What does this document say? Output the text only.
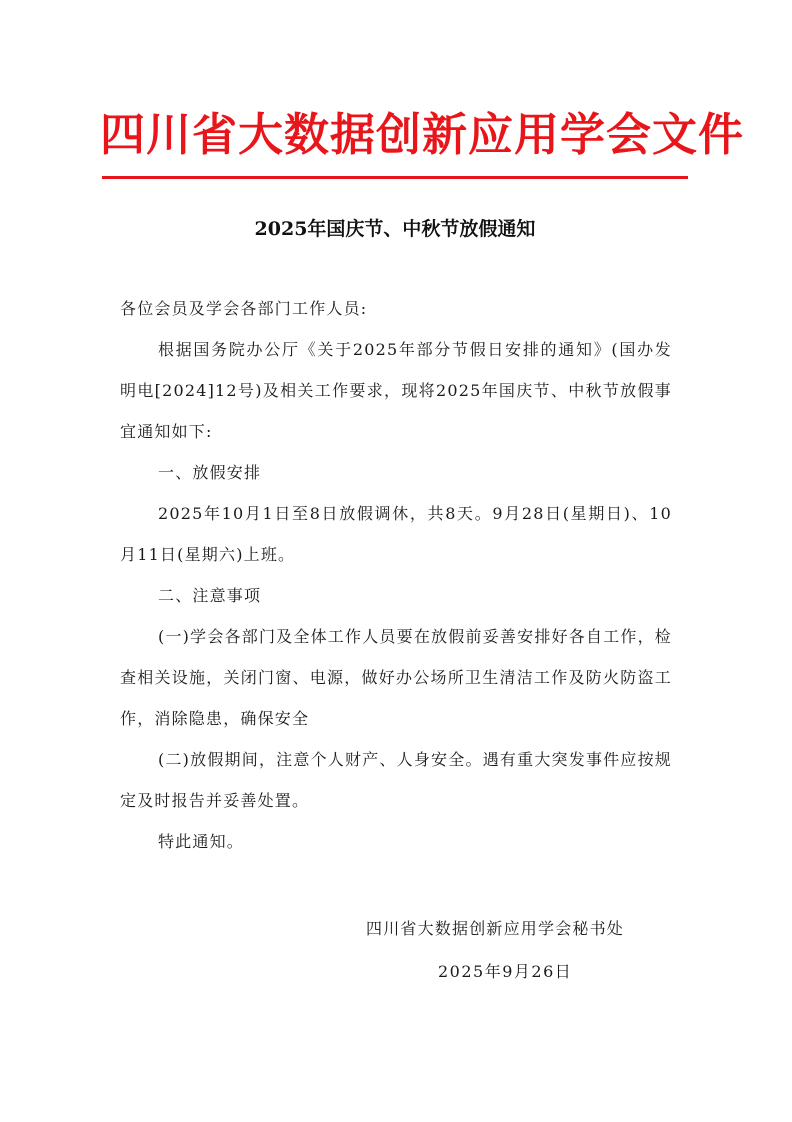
四川省大数据创新应用学会文件
2025年国庆节、中秋节放假通知

各位会员及学会各部门工作人员:

根据国务院办公厅《关于2025年部分节假日安排的通知》(国办发明电[2024]12号)及相关工作要求，现将2025年国庆节、中秋节放假事宜通知如下:

一、放假安排

2025年10月1日至8日放假调休，共8天。9月28日(星期日)、10月11日(星期六)上班。

二、注意事项

(一)学会各部门及全体工作人员要在放假前妥善安排好各自工作，检查相关设施，关闭门窗、电源，做好办公场所卫生清洁工作及防火防盗工作，消除隐患，确保安全

(二)放假期间，注意个人财产、人身安全。遇有重大突发事件应按规定及时报告并妥善处置。

特此通知。

四川省大数据创新应用学会秘书处
2025年9月26日
